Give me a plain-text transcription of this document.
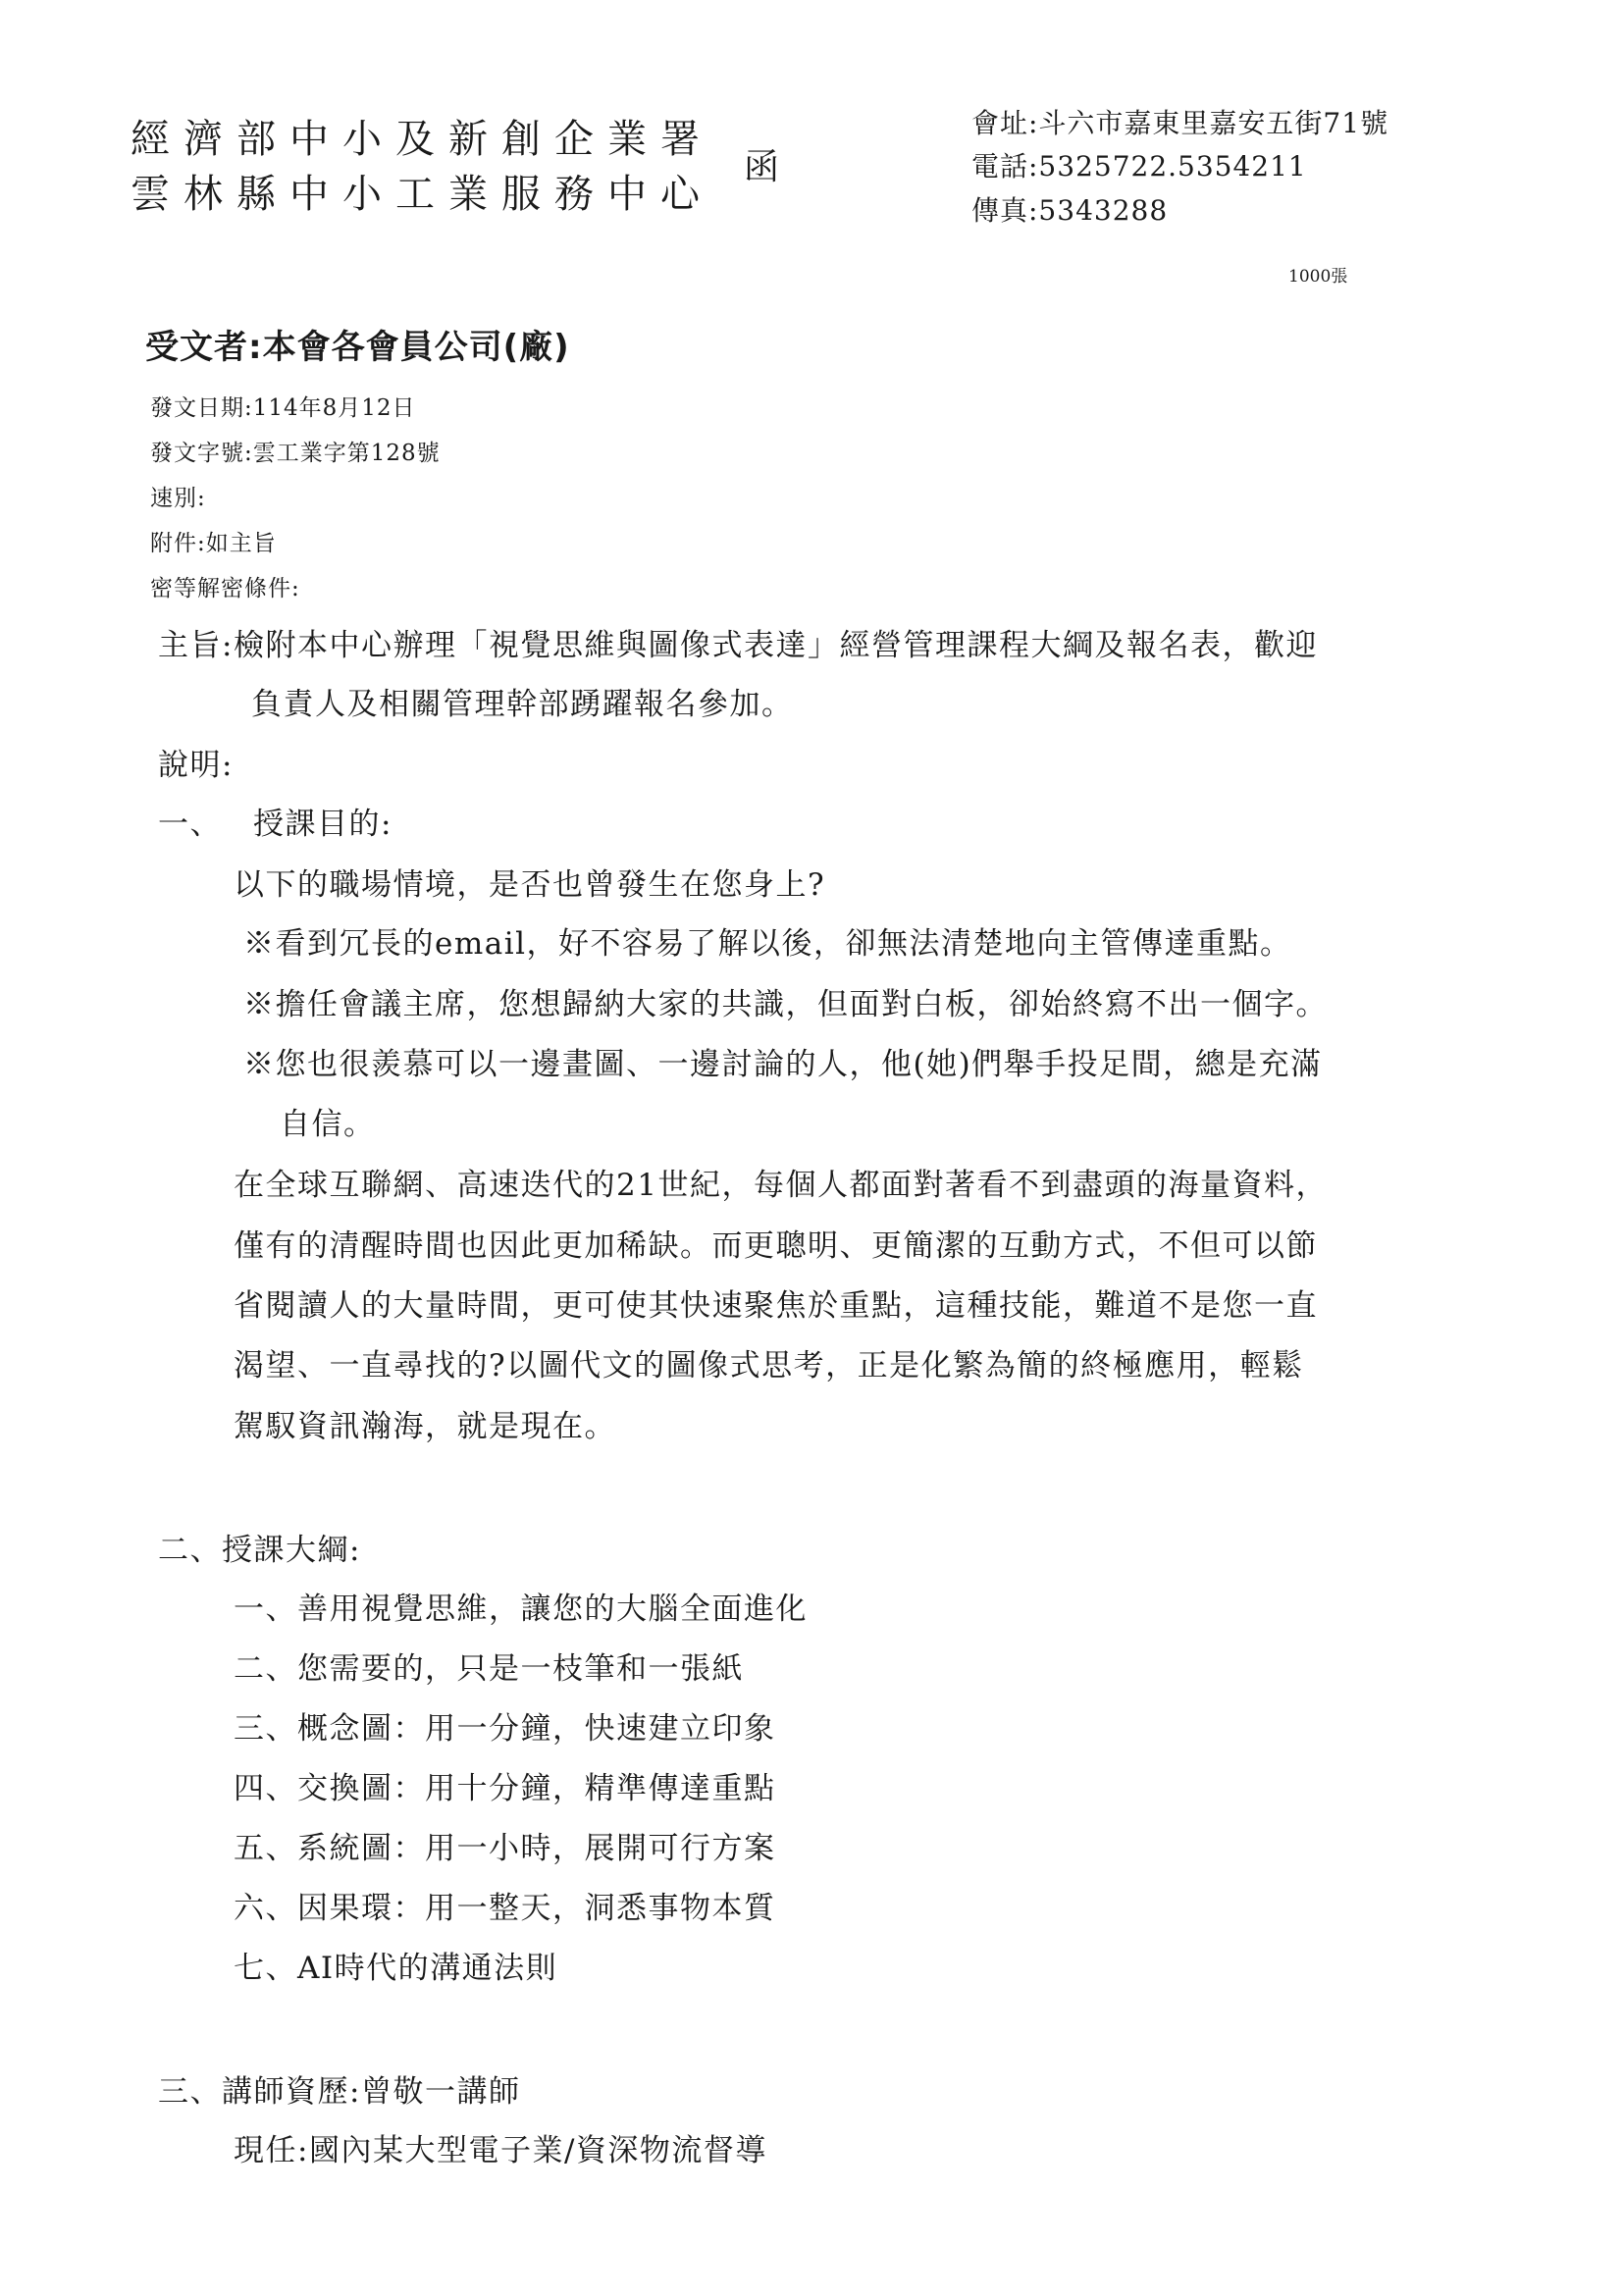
經濟部中小及新創企業署
雲林縣中小工業服務中心
函
會址:斗六市嘉東里嘉安五街71號
電話:5325722.5354211
傳真:5343288
1000張
受文者:本會各會員公司(廠)
發文日期:114年8月12日
發文字號:雲工業字第128號
速別:
附件:如主旨
密等解密條件:
主旨:檢附本中心辦理「視覺思維與圖像式表達」經營管理課程大綱及報名表，歡迎
負責人及相關管理幹部踴躍報名參加。
說明:
一、 授課目的:
以下的職場情境，是否也曾發生在您身上?
※看到冗長的email，好不容易了解以後，卻無法清楚地向主管傳達重點。
※擔任會議主席，您想歸納大家的共識，但面對白板，卻始終寫不出一個字。
※您也很羨慕可以一邊畫圖、一邊討論的人，他(她)們舉手投足間，總是充滿
自信。
在全球互聯網、高速迭代的21世紀，每個人都面對著看不到盡頭的海量資料，
僅有的清醒時間也因此更加稀缺。而更聰明、更簡潔的互動方式，不但可以節
省閱讀人的大量時間，更可使其快速聚焦於重點，這種技能，難道不是您一直
渴望、一直尋找的?以圖代文的圖像式思考，正是化繁為簡的終極應用，輕鬆
駕馭資訊瀚海，就是現在。
二、授課大綱:
一、善用視覺思維，讓您的大腦全面進化
二、您需要的，只是一枝筆和一張紙
三、概念圖：用一分鐘，快速建立印象
四、交換圖：用十分鐘，精準傳達重點
五、系統圖：用一小時，展開可行方案
六、因果環：用一整天，洞悉事物本質
七、AI時代的溝通法則
三、講師資歷:曾敬一講師
現任:國內某大型電子業/資深物流督導
